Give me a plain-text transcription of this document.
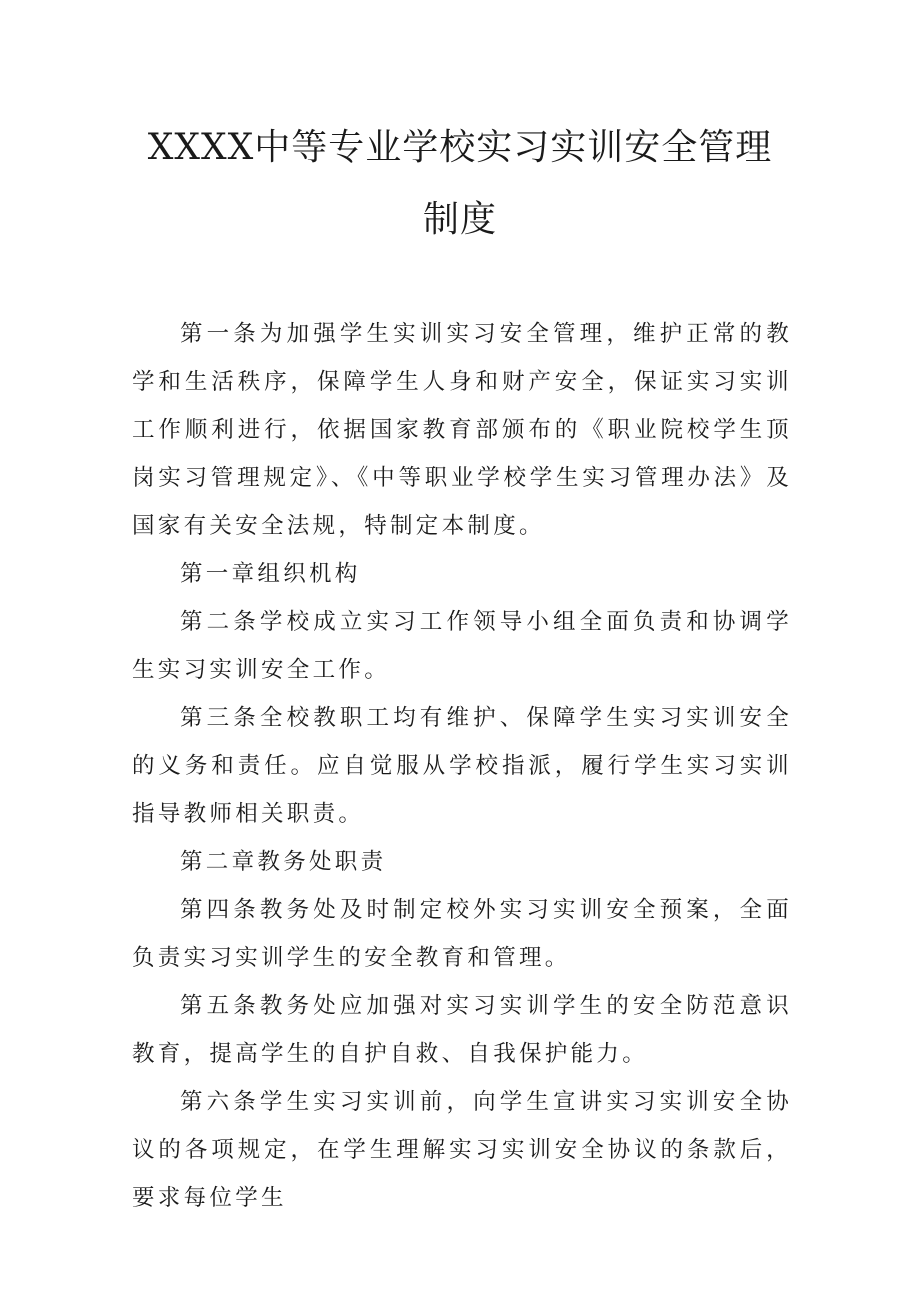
XXXX中等专业学校实习实训安全管理
制度

第一条为加强学生实训实习安全管理，维护正常的教学和生活秩序，保障学生人身和财产安全，保证实习实训工作顺利进行，依据国家教育部颁布的《职业院校学生顶岗实习管理规定》、《中等职业学校学生实习管理办法》及国家有关安全法规，特制定本制度。

第一章组织机构

第二条学校成立实习工作领导小组全面负责和协调学生实习实训安全工作。

第三条全校教职工均有维护、保障学生实习实训安全的义务和责任。应自觉服从学校指派，履行学生实习实训指导教师相关职责。

第二章教务处职责

第四条教务处及时制定校外实习实训安全预案，全面负责实习实训学生的安全教育和管理。

第五条教务处应加强对实习实训学生的安全防范意识教育，提高学生的自护自救、自我保护能力。

第六条学生实习实训前，向学生宣讲实习实训安全协议的各项规定，在学生理解实习实训安全协议的条款后，要求每位学生
